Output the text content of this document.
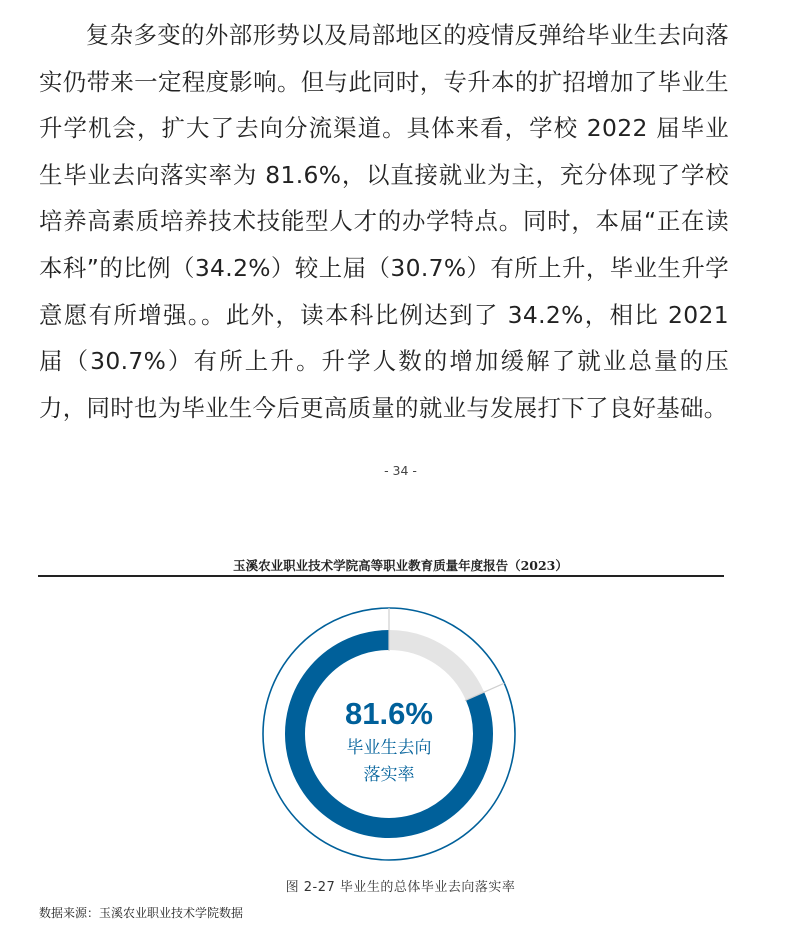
复杂多变的外部形势以及局部地区的疫情反弹给毕业生去向落实仍带来一定程度影响。但与此同时，专升本的扩招增加了毕业生升学机会，扩大了去向分流渠道。具体来看，学校 2022 届毕业生毕业去向落实率为 81.6%，以直接就业为主，充分体现了学校培养高素质培养技术技能型人才的办学特点。同时，本届“正在读本科”的比例（34.2%）较上届（30.7%）有所上升，毕业生升学意愿有所增强。。此外，读本科比例达到了 34.2%，相比 2021 届（30.7%）有所上升。升学人数的增加缓解了就业总量的压力，同时也为毕业生今后更高质量的就业与发展打下了良好基础。

- 34 -
玉溪农业职业技术学院高等职业教育质量年度报告（2023）
81.6%
毕业生去向
落实率
图 2-27 毕业生的总体毕业去向落实率
数据来源：玉溪农业职业技术学院数据
